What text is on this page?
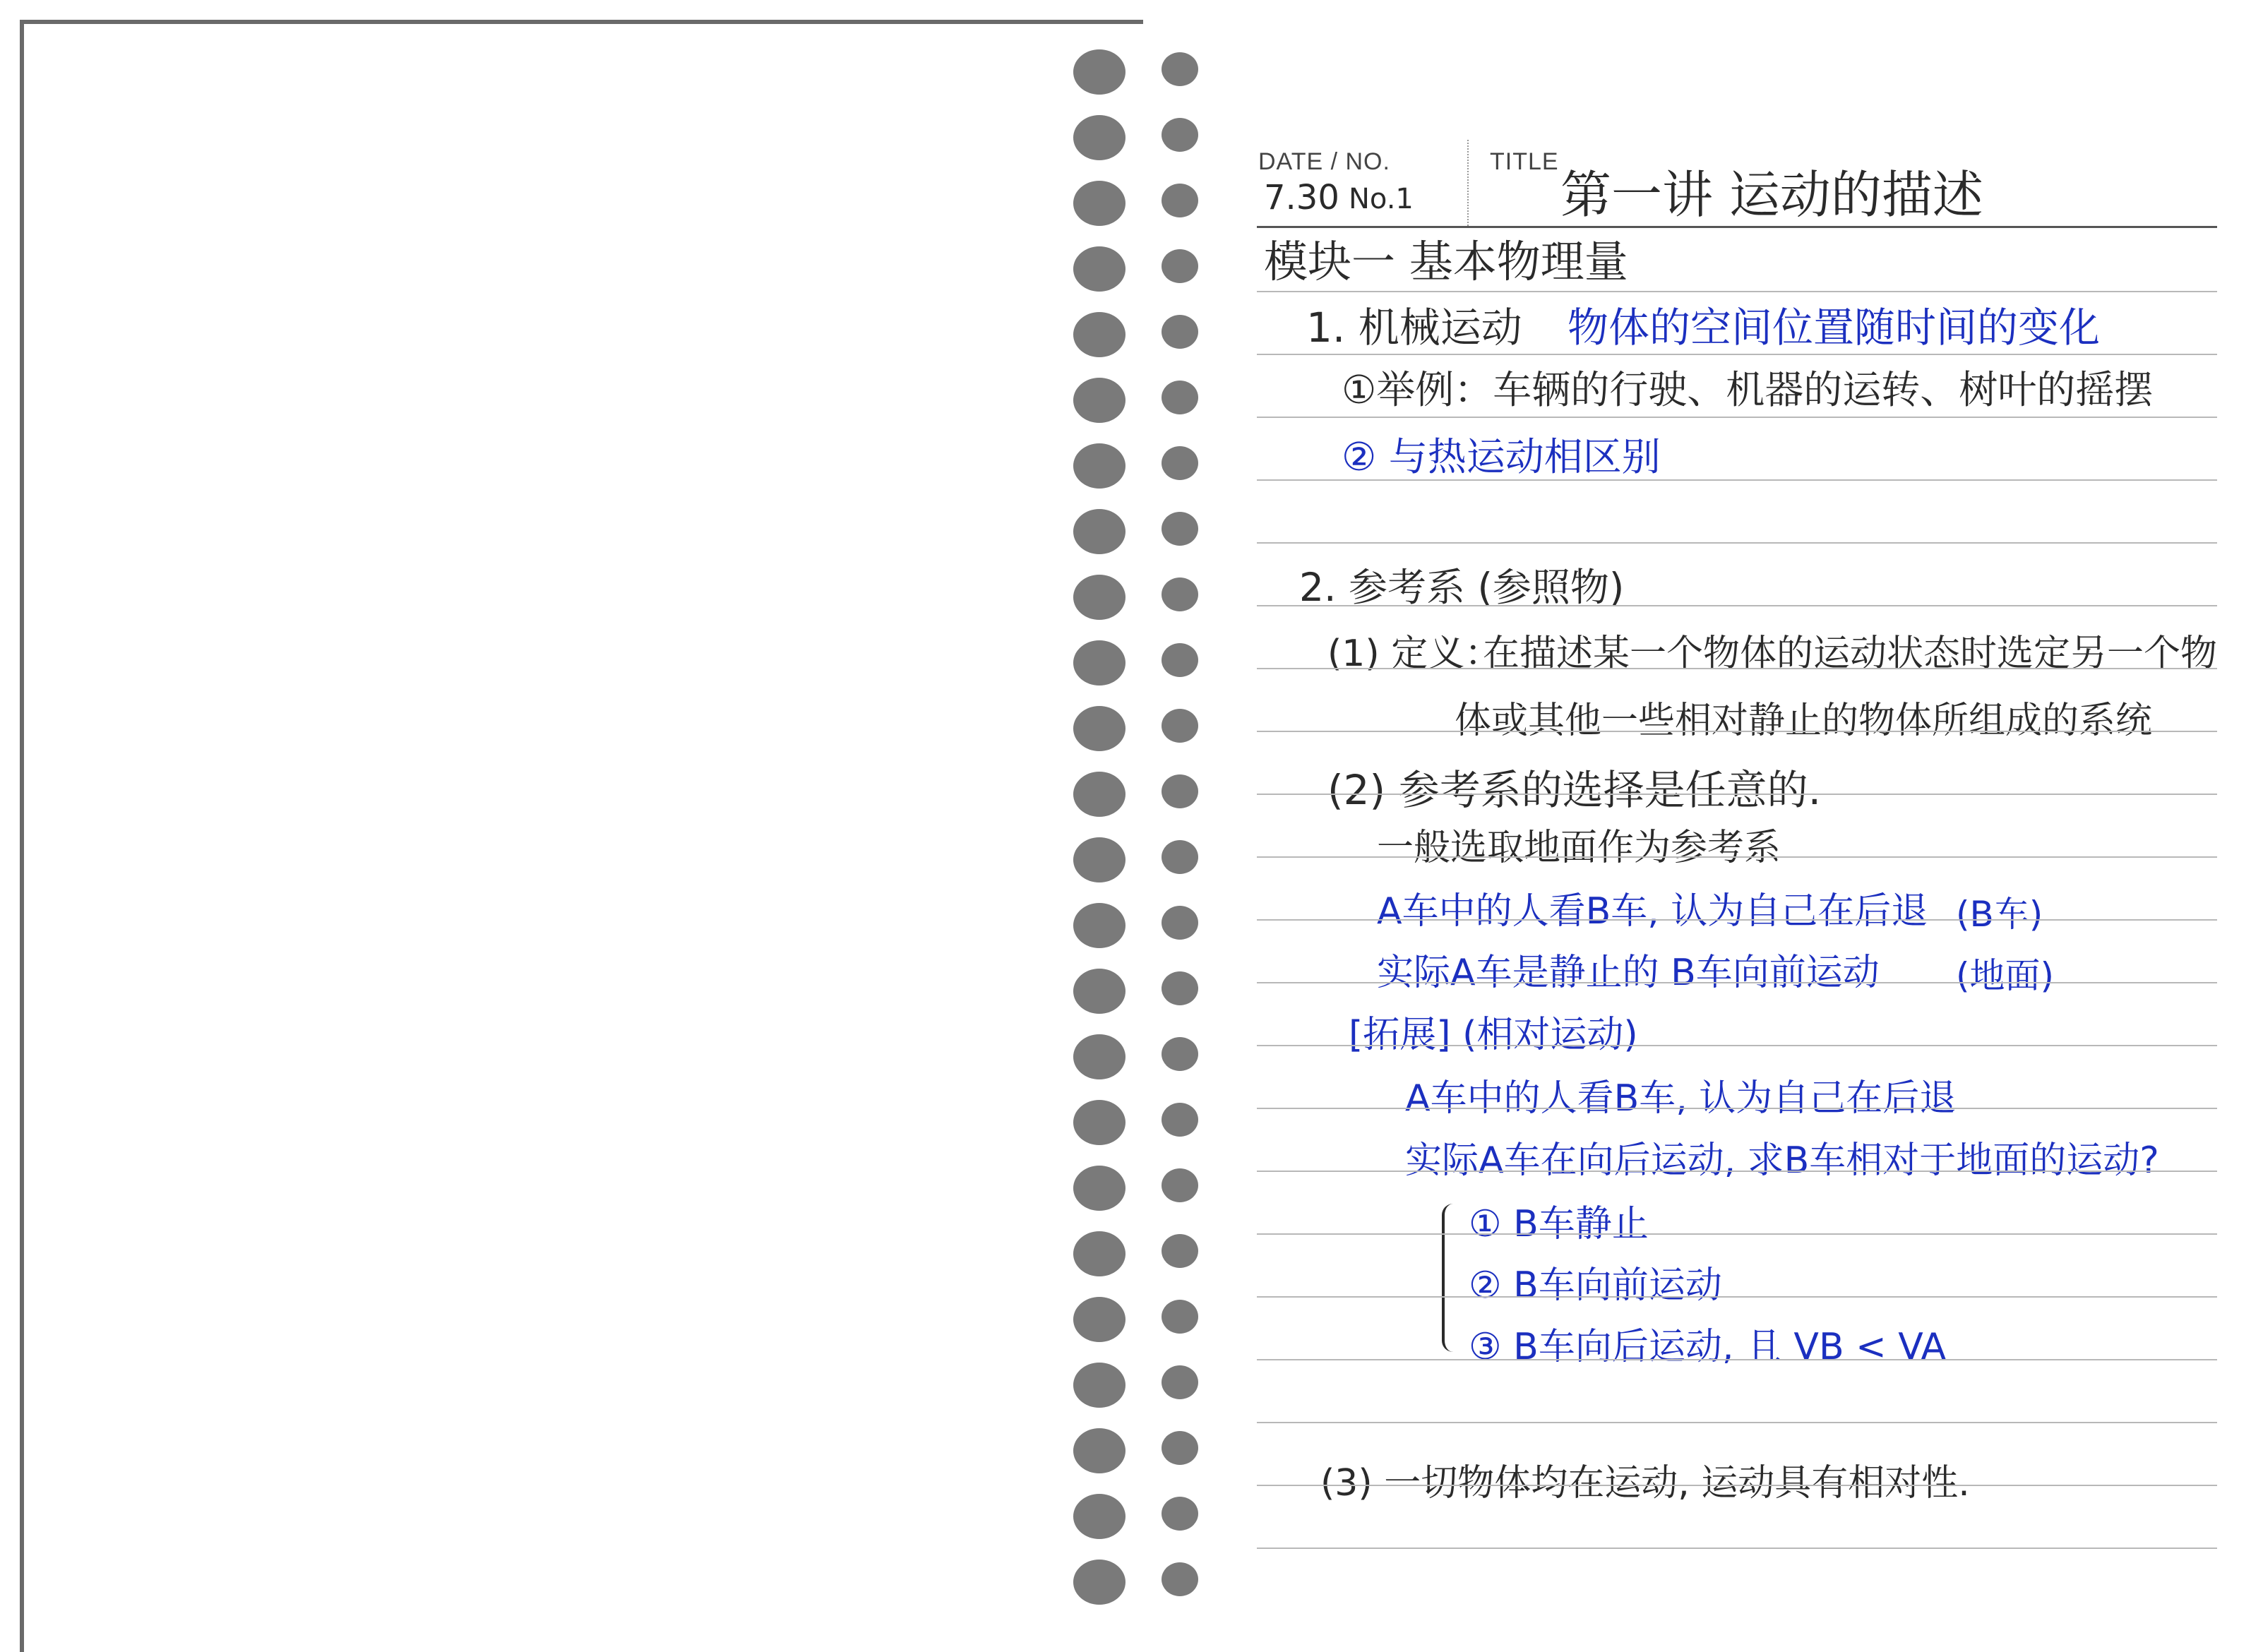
DATE / NO.	TITLE
7.30 No.1	第一讲 运动的描述
模块一 基本物理量
1. 机械运动 物体的空间位置随时间的变化
①举例：车辆的行驶、机器的运转、树叶的摇摆
② 与热运动相区别
2. 参考系 (参照物)
(1) 定义：
在描述某一个物体的运动状态时选定另一个物
体或其他一些相对静止的物体所组成的系统
(2) 参考系的选择是任意的.
一般选取地面作为参考系
A车中的人看B车, 认为自己在后退 (B车)
实际A车是静止的 B车向前运动 (地面)
[拓展] (相对运动)
A车中的人看B车, 认为自己在后退
实际A车在向后运动, 求B车相对于地面的运动?
① B车静止
② B车向前运动
③ B车向后运动, 且 VB < VA
(3) 一切物体均在运动, 运动具有相对性.
